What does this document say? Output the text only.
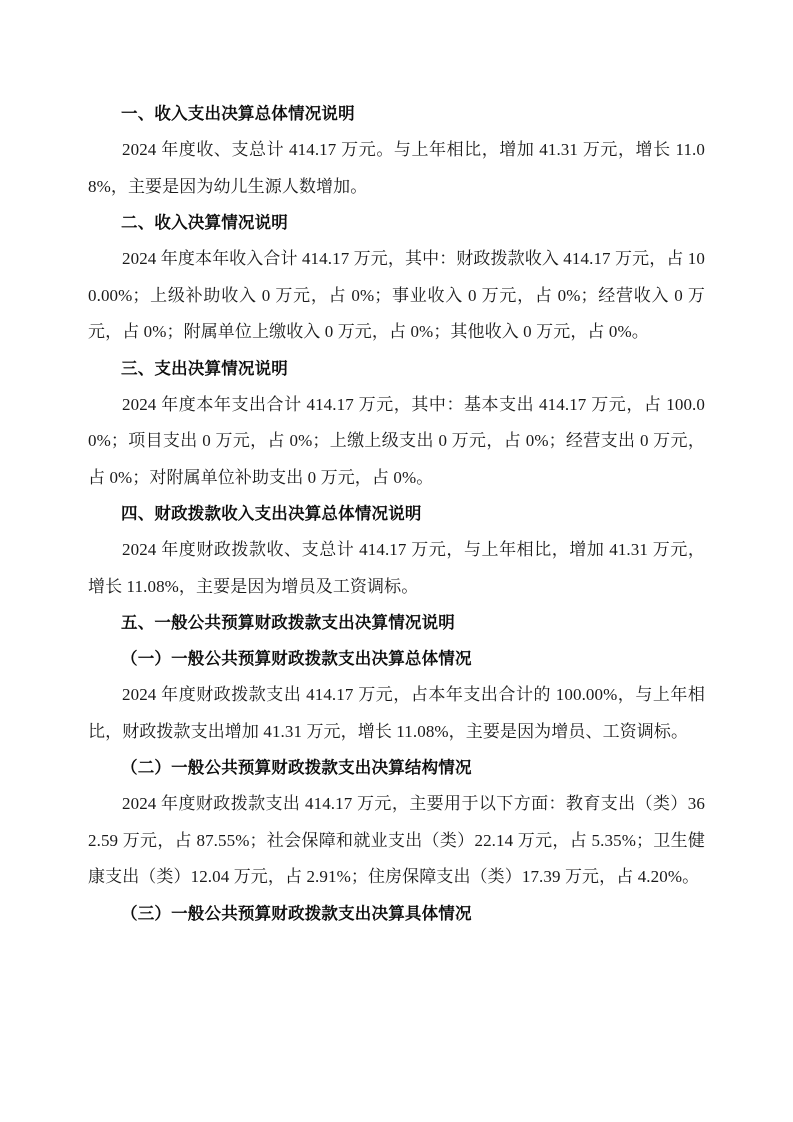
一、收入支出决算总体情况说明

2024 年度收、支总计 414.17 万元。与上年相比，增加 41.31 万元，增长 11.08%，主要是因为幼儿生源人数增加。

二、收入决算情况说明

2024 年度本年收入合计 414.17 万元，其中：财政拨款收入 414.17 万元，占 100.00%；上级补助收入 0 万元，占 0%；事业收入 0 万元，占 0%；经营收入 0 万元，占 0%；附属单位上缴收入 0 万元，占 0%；其他收入 0 万元，占 0%。

三、支出决算情况说明

2024 年度本年支出合计 414.17 万元，其中：基本支出 414.17 万元，占 100.00%；项目支出 0 万元，占 0%；上缴上级支出 0 万元，占 0%；经营支出 0 万元，占 0%；对附属单位补助支出 0 万元，占 0%。

四、财政拨款收入支出决算总体情况说明

2024 年度财政拨款收、支总计 414.17 万元，与上年相比，增加 41.31 万元，增长 11.08%，主要是因为增员及工资调标。

五、一般公共预算财政拨款支出决算情况说明

（一）一般公共预算财政拨款支出决算总体情况

2024 年度财政拨款支出 414.17 万元，占本年支出合计的 100.00%，与上年相比，财政拨款支出增加 41.31 万元，增长 11.08%，主要是因为增员、工资调标。

（二）一般公共预算财政拨款支出决算结构情况

2024 年度财政拨款支出 414.17 万元，主要用于以下方面：教育支出（类）362.59 万元，占 87.55%；社会保障和就业支出（类）22.14 万元，占 5.35%；卫生健康支出（类）12.04 万元，占 2.91%；住房保障支出（类）17.39 万元，占 4.20%。

（三）一般公共预算财政拨款支出决算具体情况
